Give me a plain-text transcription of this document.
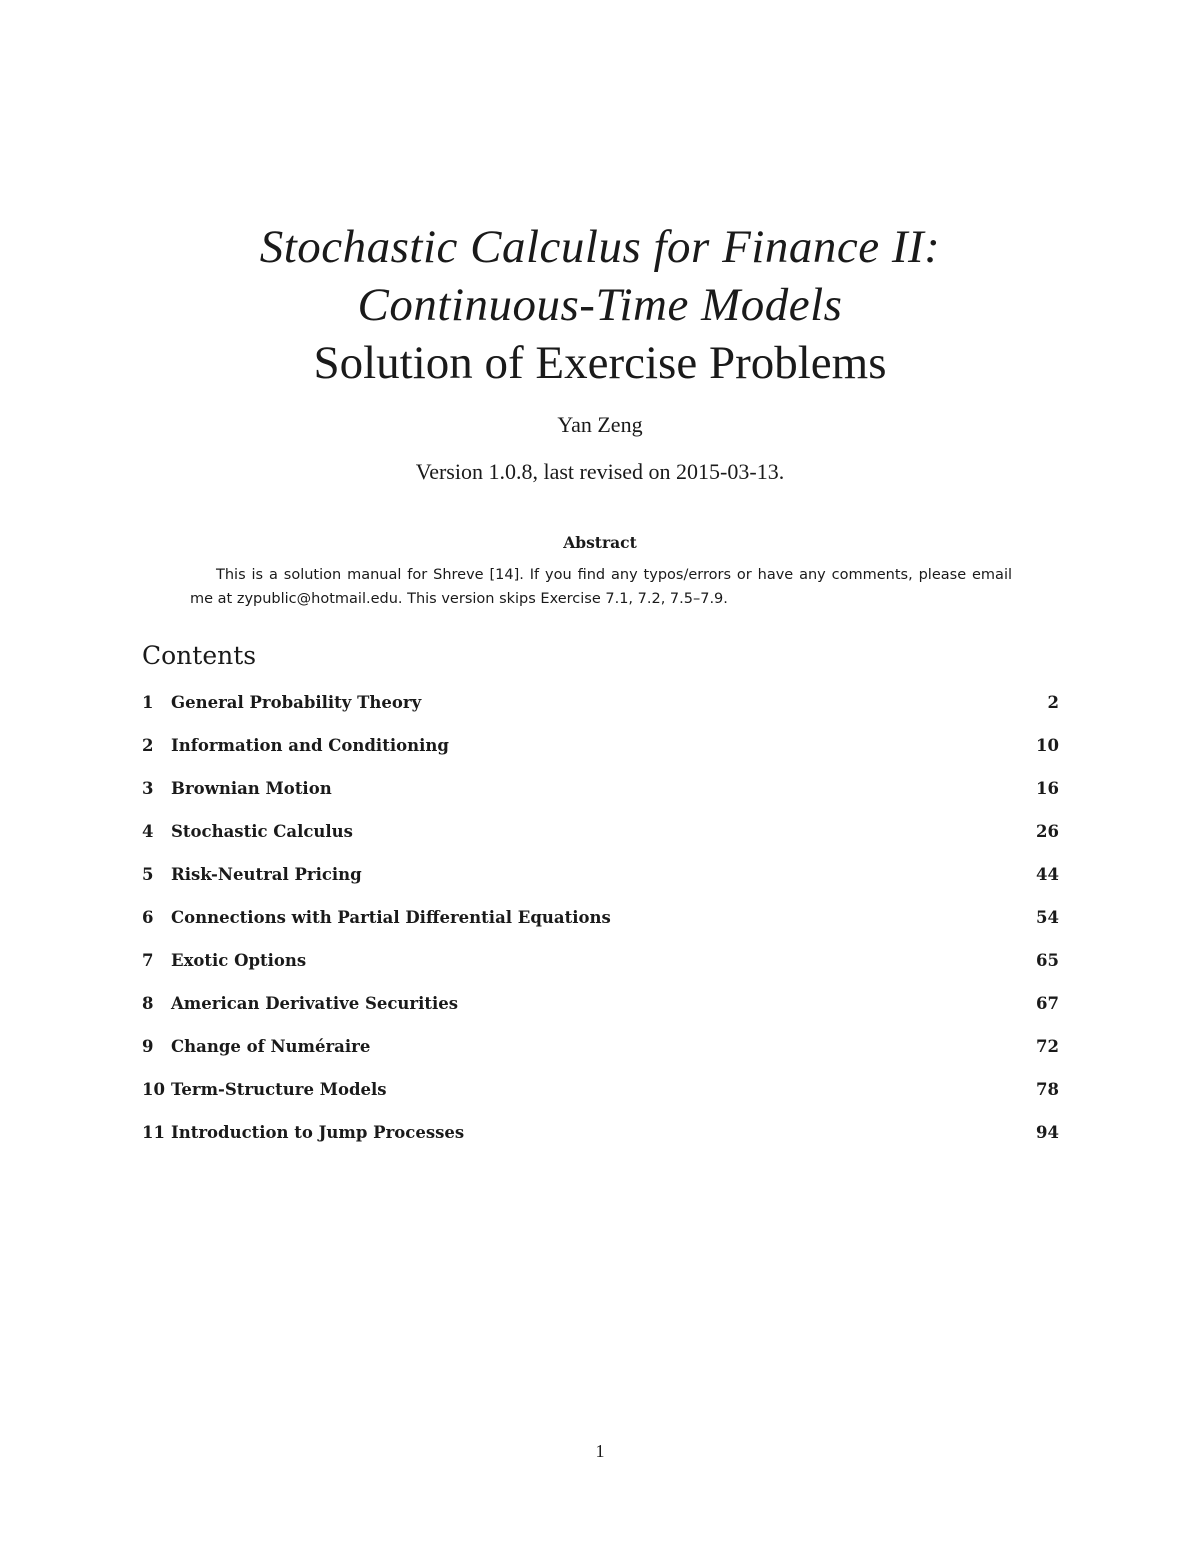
Stochastic Calculus for Finance II:
Continuous-Time Models
Solution of Exercise Problems
Yan Zeng
Version 1.0.8, last revised on 2015-03-13.
Abstract
This is a solution manual for Shreve [14]. If you find any typos/errors or have any comments, please email me at zypublic@hotmail.edu. This version skips Exercise 7.1, 7.2, 7.5–7.9.
Contents
1 General Probability Theory	2
2 Information and Conditioning	10
3 Brownian Motion	16
4 Stochastic Calculus	26
5 Risk-Neutral Pricing	44
6 Connections with Partial Differential Equations	54
7 Exotic Options	65
8 American Derivative Securities	67
9 Change of Numéraire	72
10 Term-Structure Models	78
11 Introduction to Jump Processes	94
1
